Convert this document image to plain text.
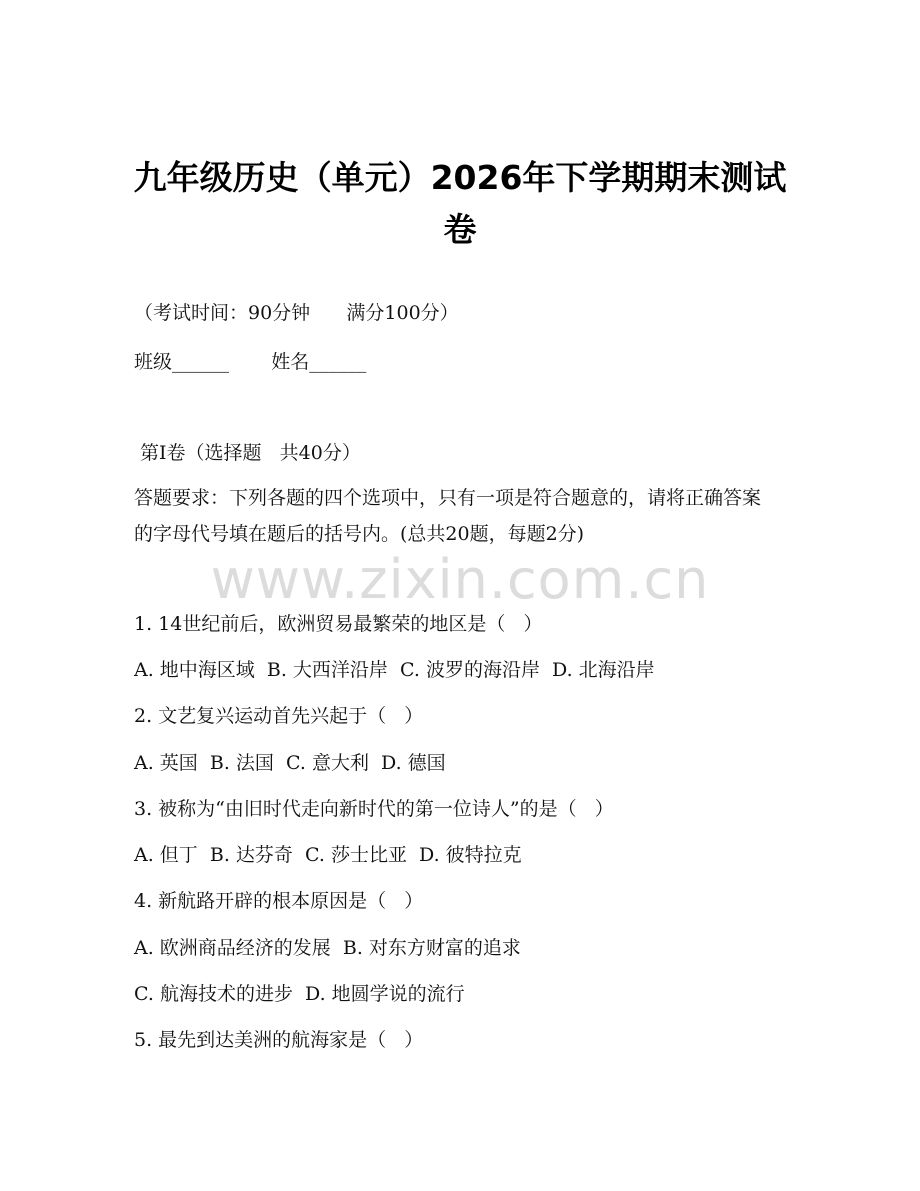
九年级历史（单元）2026年下学期期末测试
卷
（考试时间：90分钟      满分100分）
班级______       姓名______
第Ⅰ卷（选择题   共40分）
答题要求：下列各题的四个选项中，只有一项是符合题意的，请将正确答案的字母代号填在题后的括号内。(总共20题，每题2分)
www.zixin.com.cn
1. 14世纪前后，欧洲贸易最繁荣的地区是（   ）
A. 地中海区域  B. 大西洋沿岸  C. 波罗的海沿岸  D. 北海沿岸
2. 文艺复兴运动首先兴起于（   ）
A. 英国  B. 法国  C. 意大利  D. 德国
3. 被称为“由旧时代走向新时代的第一位诗人”的是（   ）
A. 但丁  B. 达芬奇  C. 莎士比亚  D. 彼特拉克
4. 新航路开辟的根本原因是（   ）
A. 欧洲商品经济的发展  B. 对东方财富的追求
C. 航海技术的进步  D. 地圆学说的流行
5. 最先到达美洲的航海家是（   ）
